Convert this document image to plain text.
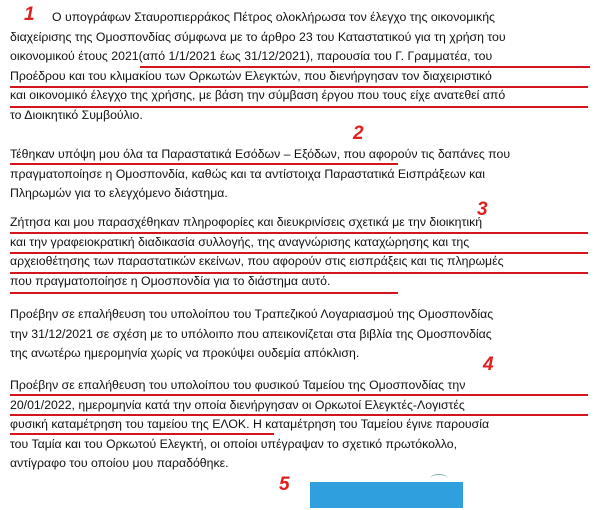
Ο υπογράφων Σταυροπιερράκος Πέτρος ολοκλήρωσα τον έλεγχο της οικονομικής
διαχείρισης της Ομοσπονδίας σύμφωνα με το άρθρο 23 του Καταστατικού για τη χρήση του
οικονομικού έτους 2021(από 1/1/2021 έως 31/12/2021), παρουσία του Γ. Γραμματέα, του
Προέδρου και του κλιμακίου των Ορκωτών Ελεγκτών, που διενήργησαν τον διαχειριστικό
και οικονομικό έλεγχο της χρήσης, με βάση την σύμβαση έργου που τους είχε ανατεθεί από
το Διοικητικό Συμβούλιο.
Τέθηκαν υπόψη μου όλα τα Παραστατικά Εσόδων – Εξόδων, που αφορούν τις δαπάνες που
πραγματοποίησε η Ομοσπονδία, καθώς και τα αντίστοιχα Παραστατικά Εισπράξεων και
Πληρωμών για το ελεγχόμενο διάστημα.
Ζήτησα και μου παρασχέθηκαν πληροφορίες και διευκρινίσεις σχετικά με την διοικητική
και την γραφειοκρατική διαδικασία συλλογής, της αναγνώρισης καταχώρησης και της
αρχειοθέτησης των παραστατικών εκείνων, που αφορούν στις εισπράξεις και τις πληρωμές
που πραγματοποίησε η Ομοσπονδία για το διάστημα αυτό.
Προέβην σε επαλήθευση του υπολοίπου του Τραπεζικού Λογαριασμού της Ομοσπονδίας
την 31/12/2021 σε σχέση με το υπόλοιπο που απεικονίζεται στα βιβλία της Ομοσπονδίας
της ανωτέρω ημερομηνία χωρίς να προκύψει ουδεμία απόκλιση.
Προέβην σε επαλήθευση του υπολοίπου του φυσικού Ταμείου της Ομοσπονδίας την
20/01/2022, ημερομηνία κατά την οποία διενήργησαν οι Ορκωτοί Ελεγκτές-Λογιστές
φυσική καταμέτρηση του ταμείου της ΕΛΟΚ. Η καταμέτρηση του Ταμείου έγινε παρουσία
του Ταμία και του Ορκωτού Ελεγκτή, οι οποίοι υπέγραψαν το σχετικό πρωτόκολλο,
αντίγραφο του οποίου μου παραδόθηκε.
1
2
3
4
5
